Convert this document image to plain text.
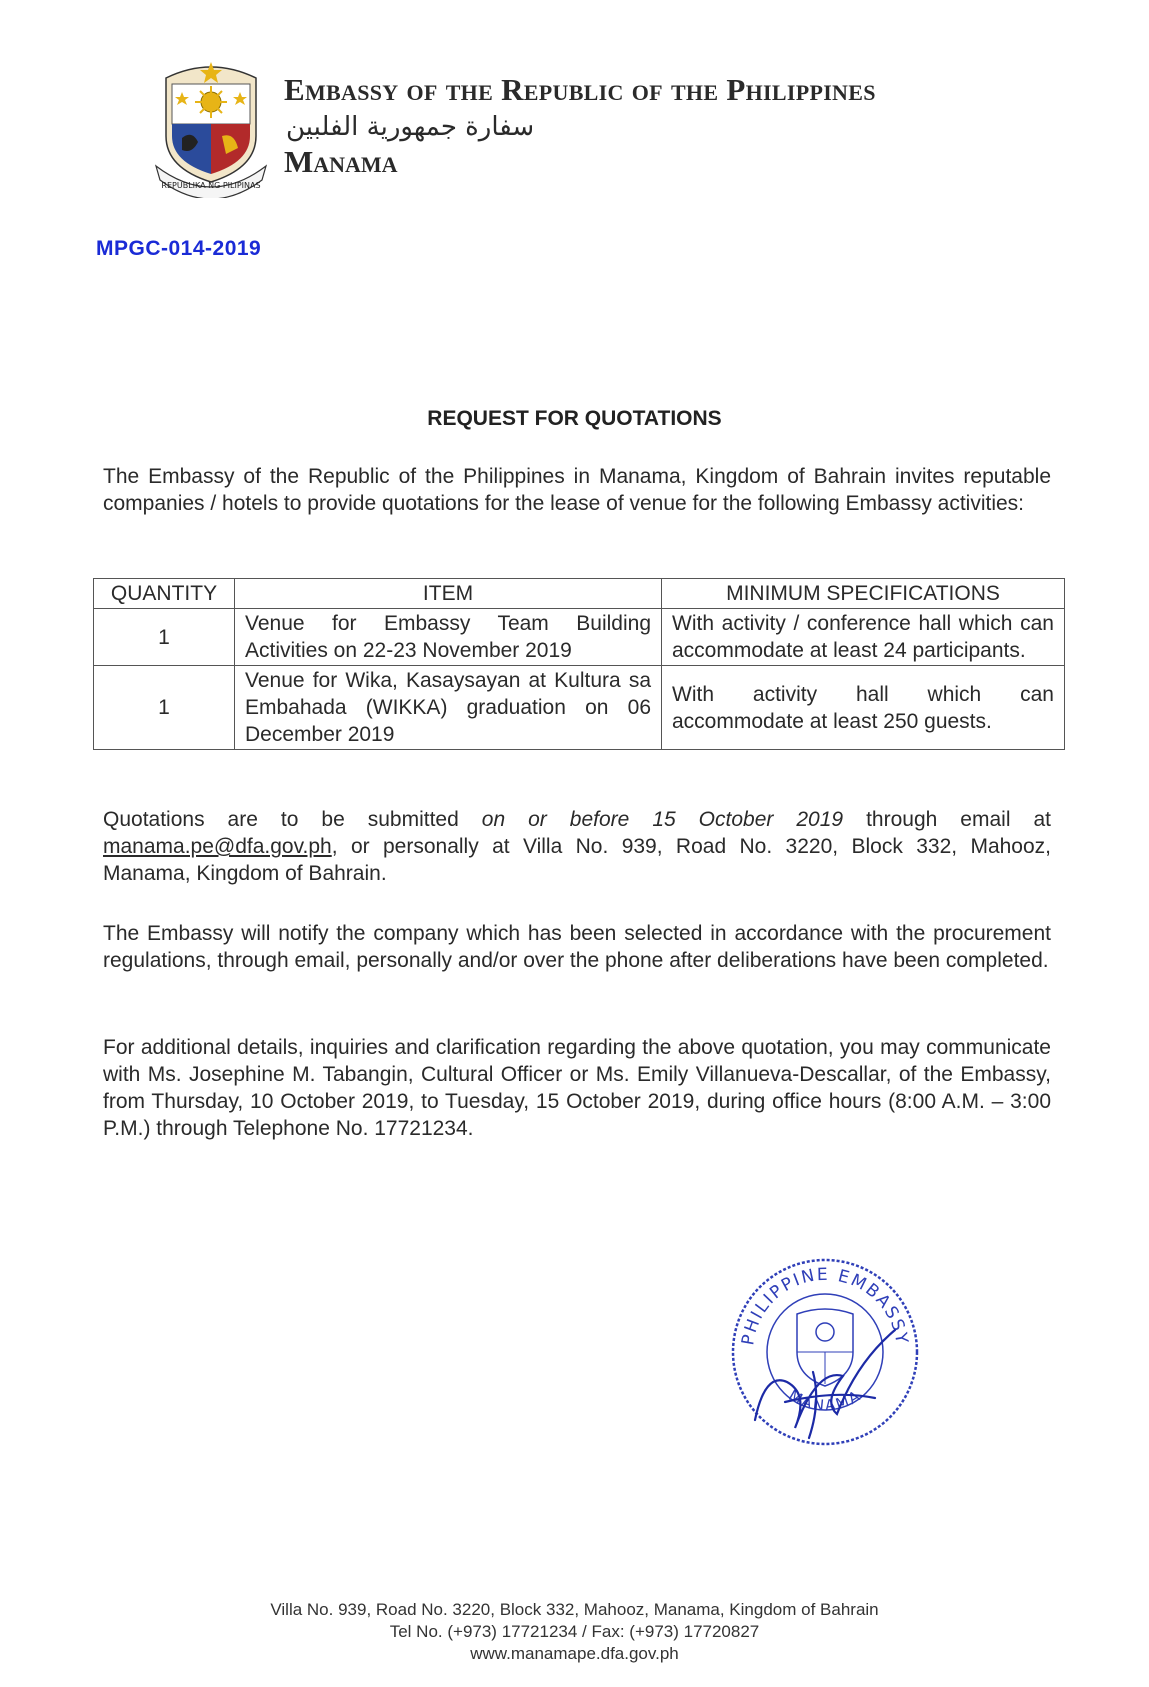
REPUBLIKA NG PILIPINAS
Embassy of the Republic of the Philippines
سفارة جمهورية الفلبين
Manama
MPGC-014-2019
REQUEST FOR QUOTATIONS
The Embassy of the Republic of the Philippines in Manama, Kingdom of Bahrain invites reputable companies / hotels to provide quotations for the lease of venue for the following Embassy activities:
QUANTITY	ITEM	MINIMUM SPECIFICATIONS
1	Venue for Embassy Team Building Activities on 22-23 November 2019	With activity / conference hall which can accommodate at least 24 participants.
1	Venue for Wika, Kasaysayan at Kultura sa Embahada (WIKKA) graduation on 06 December 2019	With activity hall which can accommodate at least 250 guests.
Quotations are to be submitted on or before 15 October 2019 through email at manama.pe@dfa.gov.ph, or personally at Villa No. 939, Road No. 3220, Block 332, Mahooz, Manama, Kingdom of Bahrain.
The Embassy will notify the company which has been selected in accordance with the procurement regulations, through email, personally and/or over the phone after deliberations have been completed.
For additional details, inquiries and clarification regarding the above quotation, you may communicate with Ms. Josephine M. Tabangin, Cultural Officer or Ms. Emily Villanueva-Descallar, of the Embassy, from Thursday, 10 October 2019, to Tuesday, 15 October 2019, during office hours (8:00 A.M. – 3:00 P.M.) through Telephone No. 17721234.
PHILIPPINE EMBASSY
MANAMA
Villa No. 939, Road No. 3220, Block 332, Mahooz, Manama, Kingdom of Bahrain
Tel No. (+973) 17721234 / Fax: (+973) 17720827
www.manamape.dfa.gov.ph
